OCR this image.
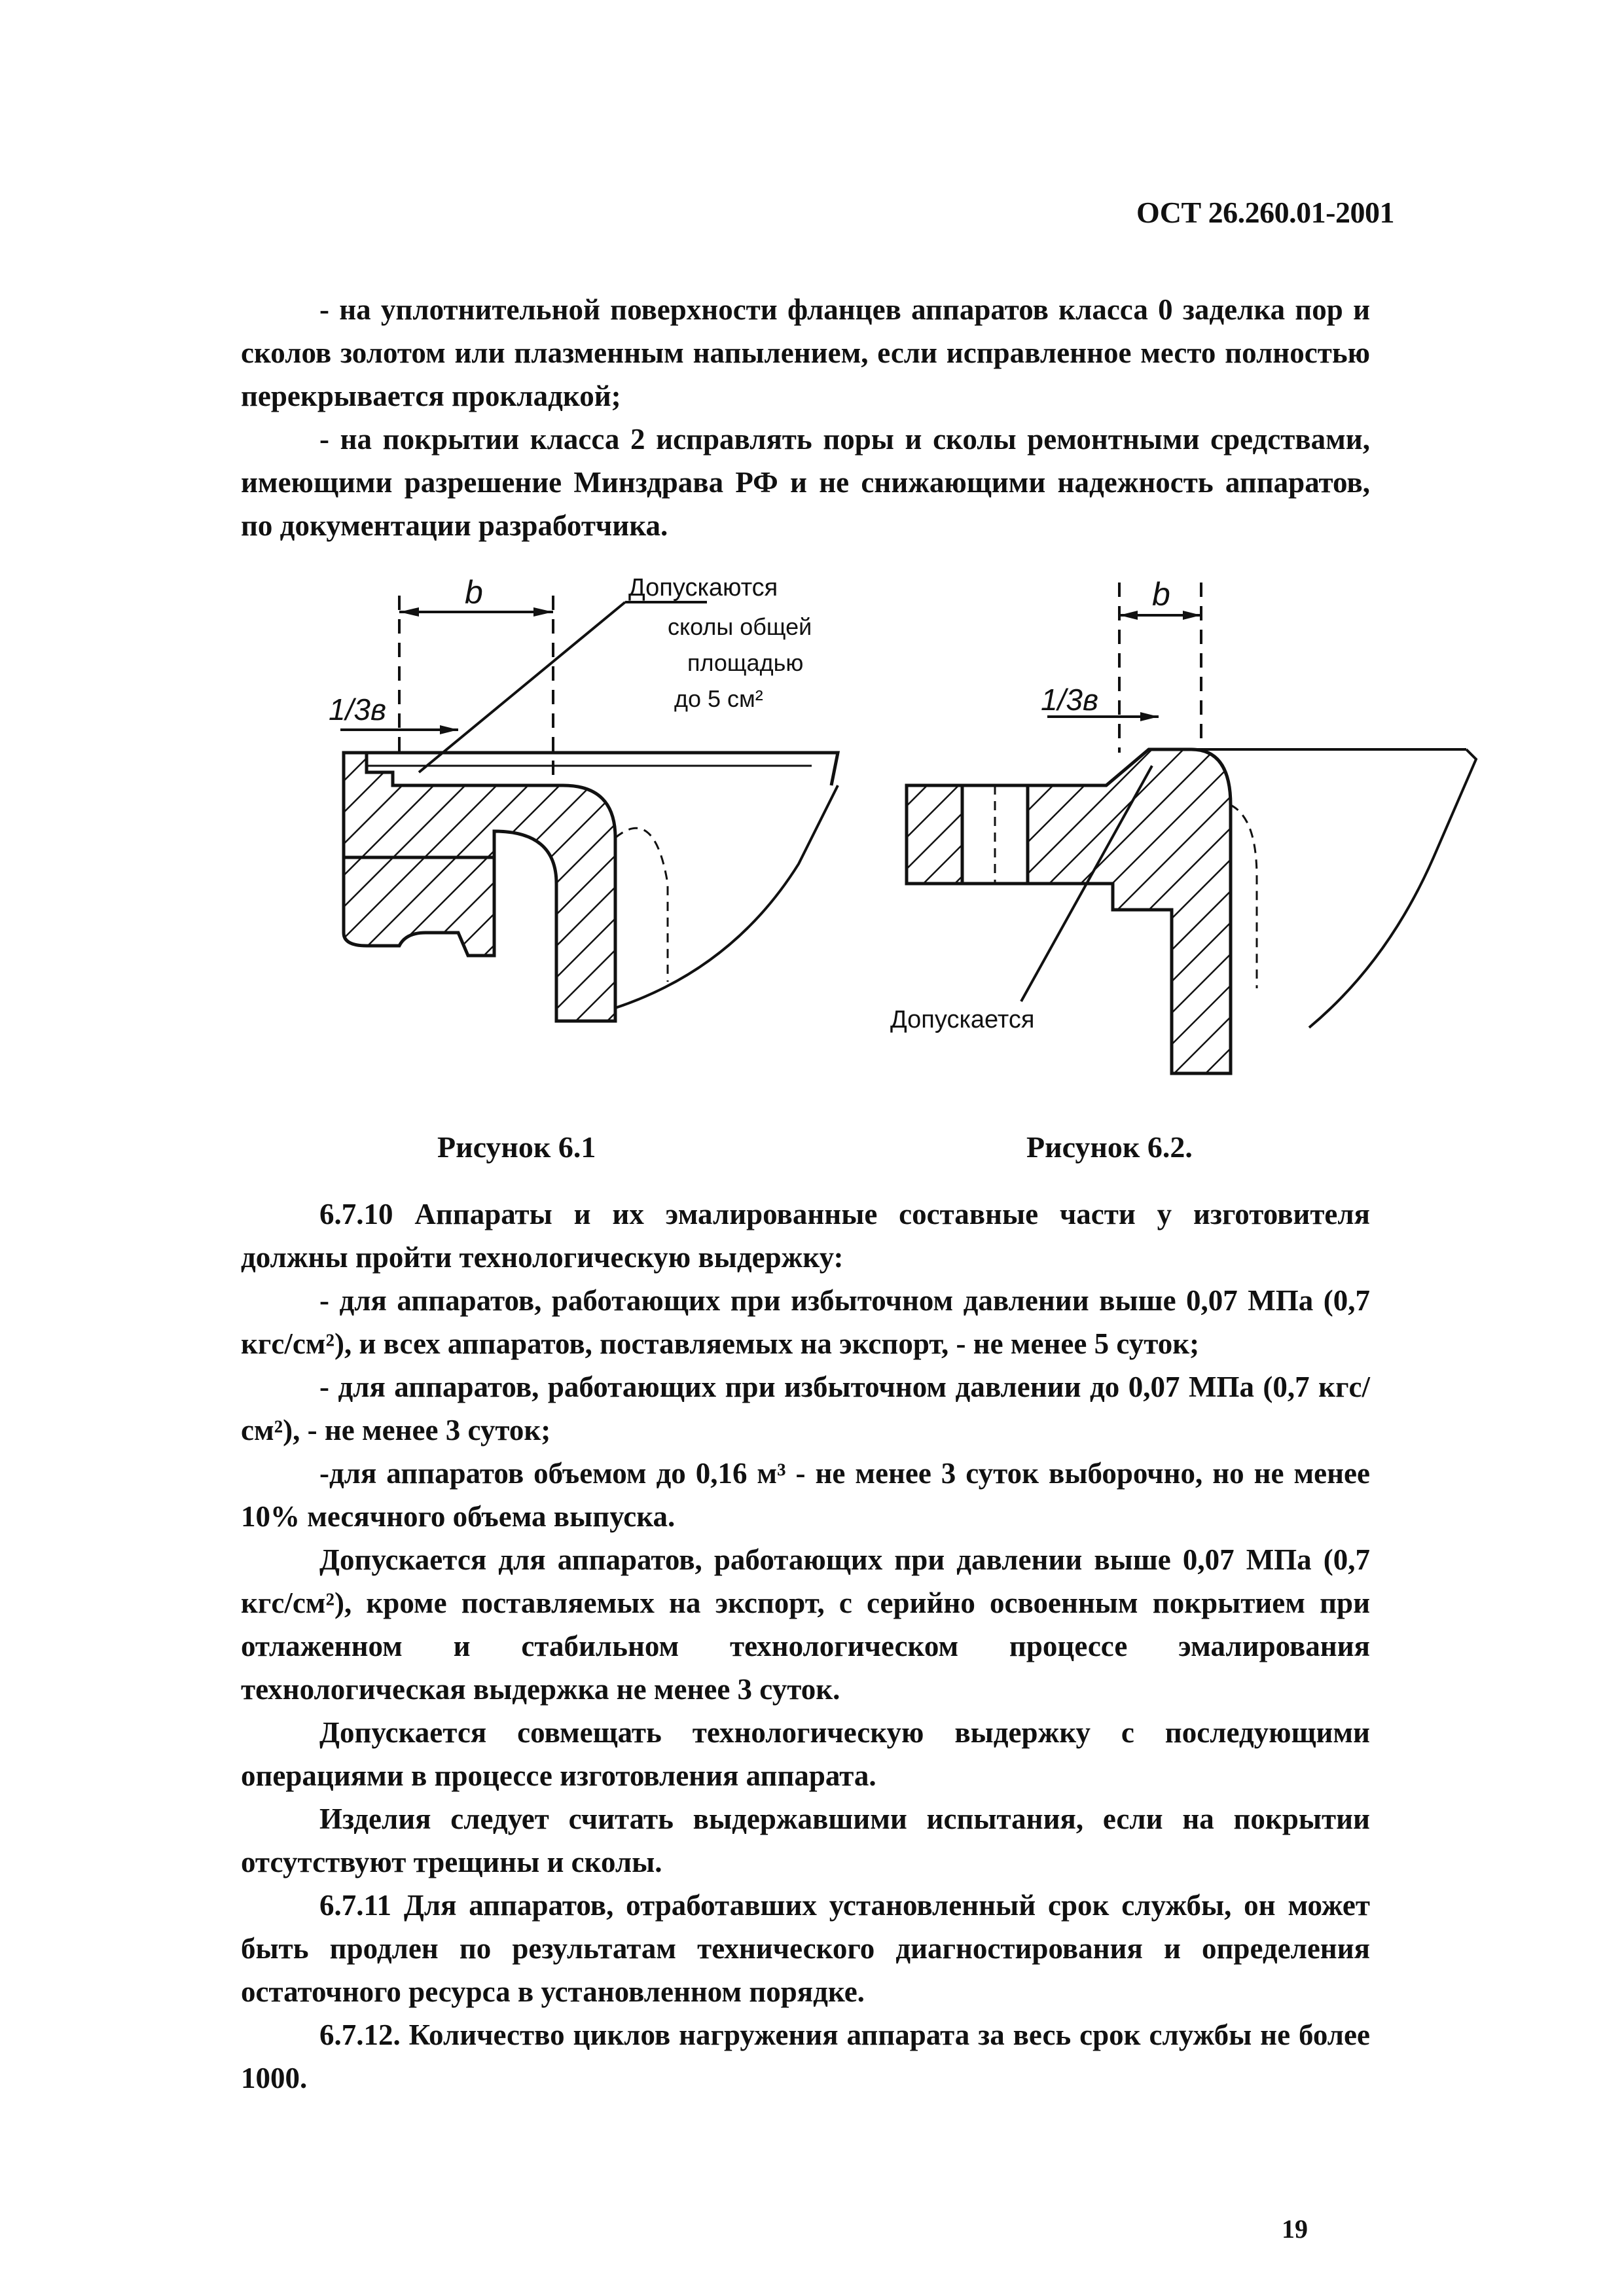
ОСТ 26.260.01-2001

- на уплотнительной поверхности фланцев аппаратов класса 0 заделка пор и сколов золотом или плазменным напылением, если исправленное место полностью перекрывается прокладкой;

- на покрытии класса 2 исправлять поры и сколы ремонтными средствами, имеющими разрешение Минздрава РФ и не снижающими надежность аппаратов, по документации разработчика.

b
1/3в
Допускаются
сколы общей
площадью
до 5 см²
b
1/3в
Допускается
Рисунок 6.1	Рисунок 6.2.

6.7.10 Аппараты и их эмалированные составные части у изготовителя должны пройти технологическую выдержку:

- для аппаратов, работающих при избыточном давлении выше 0,07 МПа (0,7 кгс/см²), и всех аппаратов, поставляемых на экспорт, - не менее 5 суток;

- для аппаратов, работающих при избыточном давлении до 0,07 МПа (0,7 кгс/см²), - не менее 3 суток;

-для аппаратов объемом до 0,16 м³ - не менее 3 суток выборочно, но не менее 10% месячного объема выпуска.

Допускается для аппаратов, работающих при давлении выше 0,07 МПа (0,7 кгс/см²), кроме поставляемых на экспорт, с серийно освоенным покрытием при отлаженном и стабильном технологическом процессе эмалирования технологическая выдержка не менее 3 суток.

Допускается совмещать технологическую выдержку с последующими операциями в процессе изготовления аппарата.

Изделия следует считать выдержавшими испытания, если на покрытии отсутствуют трещины и сколы.

6.7.11 Для аппаратов, отработавших установленный срок службы, он может быть продлен по результатам технического диагностирования и определения остаточного ресурса в установленном порядке.

6.7.12. Количество циклов нагружения аппарата за весь срок службы не более 1000.

19
